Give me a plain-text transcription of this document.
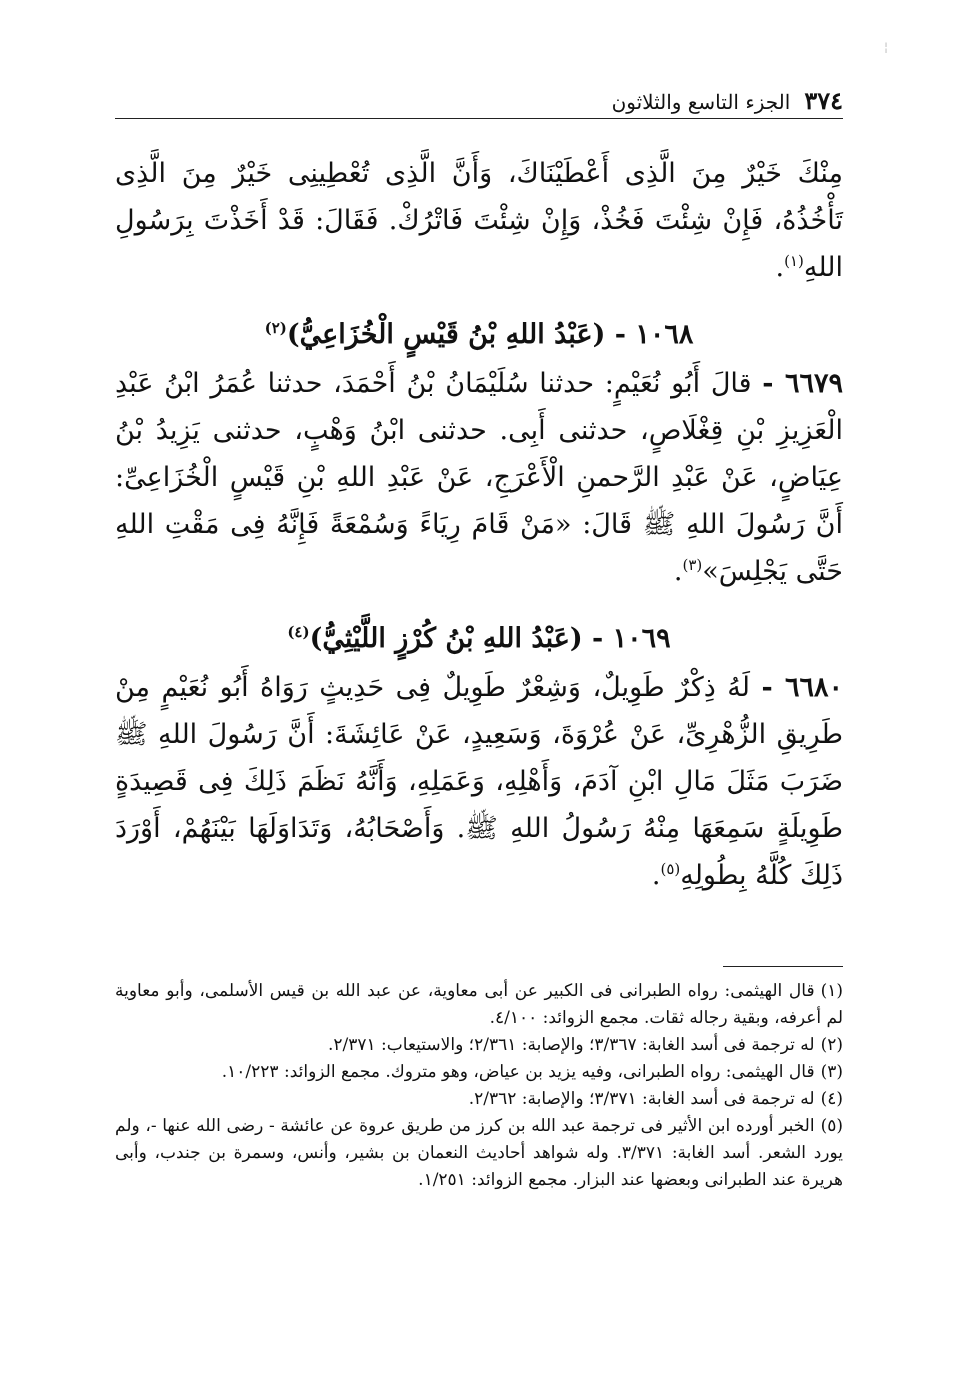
¦
٣٧٤
الجزء التاسع والثلاثون

مِنْكَ خَيْرٌ مِنَ الَّذِى أَعْطَيْنَاكَ، وَأَنَّ الَّذِى تُعْطِينِى خَيْرٌ مِنَ الَّذِى تَأْخُذُهُ، فَإِنْ شِئْتَ فَخُذْ، وَإِنْ شِئْتَ فَاتْرُكْ. فَقَالَ: قَدْ أَخَذْتَ بِرَسُولِ اللهِ$^{(١)}$.

١٠٦٨ - (عَبْدُ اللهِ بْنُ قَيْسٍ الْخُزَاعِيُّ)$^{(٢)}$

٦٦٧٩ - قالَ أَبُو نُعَيْمٍ: حدثنا سُلَيْمَانُ بْنُ أَحْمَدَ، حدثنا عُمَرُ ابْنُ عَبْدِ الْعَزِيزِ بْنِ قِغْلَاصٍ، حدثنى أَبِى. حدثنى ابْنُ وَهْبٍ، حدثنى يَزِيدُ بْنُ عِيَاضٍ، عَنْ عَبْدِ الرَّحمنِ الْأَعْرَجِ، عَنْ عَبْدِ اللهِ بْنِ قَيْسٍ الْخُزَاعِىِّ: أَنَّ رَسُولَ اللهِ ﷺ قَالَ: «مَنْ قَامَ رِيَاءً وَسُمْعَةً فَإِنَّهُ فِى مَقْتِ اللهِ حَتَّى يَجْلِسَ»$^{(٣)}$.

١٠٦٩ - (عَبْدُ اللهِ بْنُ كُرْزٍ اللَّيْثِيُّ)$^{(٤)}$

٦٦٨٠ - لَهُ ذِكْرٌ طَوِيلٌ، وَشِعْرٌ طَوِيلٌ فِى حَدِيثٍ رَوَاهُ أَبُو نُعَيْمٍ مِنْ طَرِيقِ الزُّهْرِىِّ، عَنْ عُرْوَةَ، وَسَعِيدٍ، عَنْ عَائِشَةَ: أَنَّ رَسُولَ اللهِ ﷺ ضَرَبَ مَثَلَ مَالِ ابْنِ آدَمَ، وَأَهْلِهِ، وَعَمَلِهِ، وَأَنَّهُ نَظَمَ ذَلِكَ فِى قَصِيدَةٍ طَوِيلَةٍ سَمِعَهَا مِنْهُ رَسُولُ اللهِ ﷺ. وَأَصْحَابُهُ، وَتَدَاوَلَهَا بَيْنَهُمْ، أَوْرَدَ ذَلِكَ كُلَّهُ بِطُولِهِ$^{(٥)}$.

(١)قال الهيثمى: رواه الطبرانى فى الكبير عن أبى معاوية، عن عبد الله بن قيس الأسلمى، وأبو معاوية لم أعرفه، وبقية رجاله ثقات. مجمع الزوائد: ٤/١٠٠.

(٢)له ترجمة فى أسد الغابة: ٣/٣٦٧؛ والإصابة: ٢/٣٦١؛ والاستيعاب: ٢/٣٧١.

(٣)قال الهيثمى: رواه الطبرانى، وفيه يزيد بن عياض، وهو متروك. مجمع الزوائد: ١٠/٢٢٣.

(٤)له ترجمة فى أسد الغابة: ٣/٣٧١؛ والإصابة: ٢/٣٦٢.

(٥)الخبر أورده ابن الأثير فى ترجمة عبد الله بن كرز من طريق عروة عن عائشة - رضى الله عنها -، ولم يورد الشعر. أسد الغابة: ٣/٣٧١. وله شواهد أحاديث النعمان بن بشير، وأنس، وسمرة بن جندب، وأبى هريرة عند الطبرانى وبعضها عند البزار. مجمع الزوائد: ١/٢٥١.
